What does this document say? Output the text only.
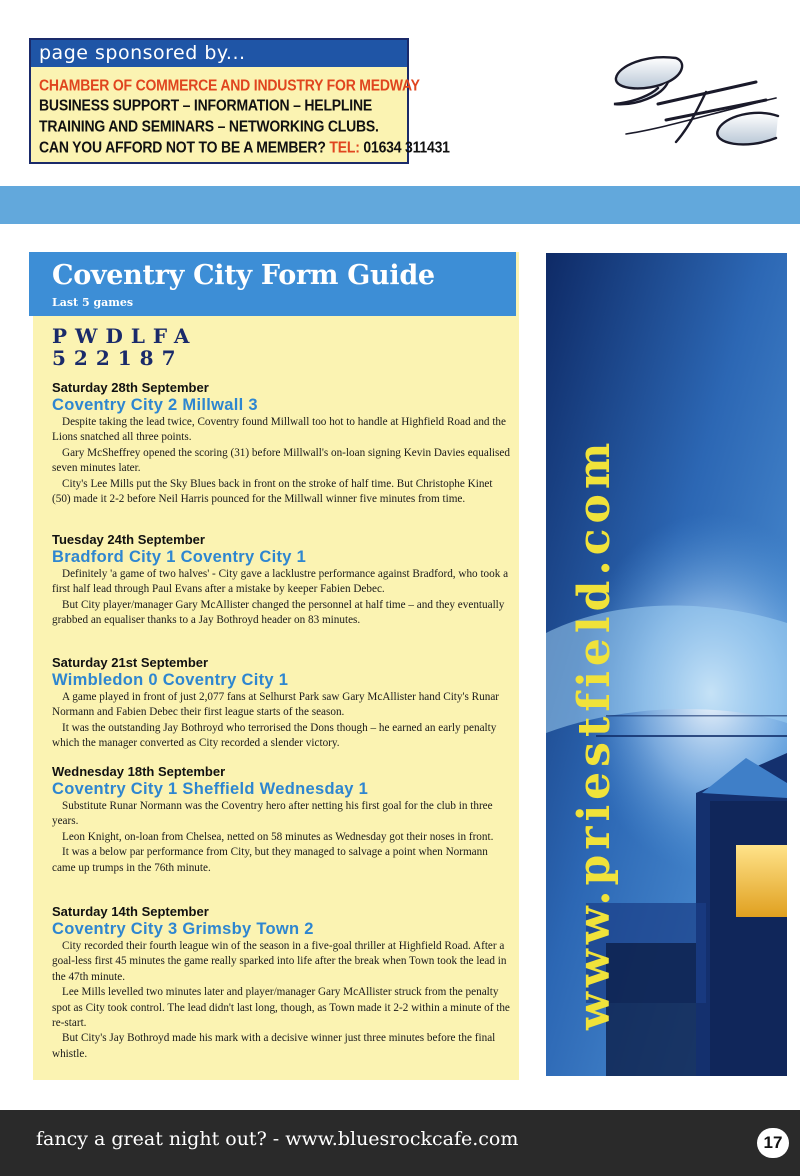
page sponsored by...
CHAMBER OF COMMERCE AND INDUSTRY FOR MEDWAY
BUSINESS SUPPORT – INFORMATION – HELPLINE
TRAINING AND SEMINARS – NETWORKING CLUBS.
CAN YOU AFFORD NOT TO BE A MEMBER? TEL: 01634 311431
Coventry City Form Guide
Last 5 games
PWDLFA
522187
Saturday 28th September
Coventry City 2 Millwall 3

Despite taking the lead twice, Coventry found Millwall too hot to handle at Highfield Road and the Lions snatched all three points.

Gary McSheffrey opened the scoring (31) before Millwall's on-loan signing Kevin Davies equalised seven minutes later.

City's Lee Mills put the Sky Blues back in front on the stroke of half time. But Christophe Kinet (50) made it 2-2 before Neil Harris pounced for the Millwall winner five minutes from time.

Tuesday 24th September
Bradford City 1 Coventry City 1

Definitely 'a game of two halves' - City gave a lacklustre performance against Bradford, who took a first half lead through Paul Evans after a mistake by keeper Fabien Debec.

But City player/manager Gary McAllister changed the personnel at half time – and they eventually grabbed an equaliser thanks to a Jay Bothroyd header on 83 minutes.

Saturday 21st September
Wimbledon 0 Coventry City 1

A game played in front of just 2,077 fans at Selhurst Park saw Gary McAllister hand City's Runar Normann and Fabien Debec their first league starts of the season.

It was the outstanding Jay Bothroyd who terrorised the Dons though – he earned an early penalty which the manager converted as City recorded a slender victory.

Wednesday 18th September
Coventry City 1 Sheffield Wednesday 1

Substitute Runar Normann was the Coventry hero after netting his first goal for the club in three years.

Leon Knight, on-loan from Chelsea, netted on 58 minutes as Wednesday got their noses in front.

It was a below par performance from City, but they managed to salvage a point when Normann came up trumps in the 76th minute.

Saturday 14th September
Coventry City 3 Grimsby Town 2

City recorded their fourth league win of the season in a five-goal thriller at Highfield Road. After a goal-less first 45 minutes the game really sparked into life after the break when Town took the lead in the 47th minute.

Lee Mills levelled two minutes later and player/manager Gary McAllister struck from the penalty spot as City took control. The lead didn't last long, though, as Town made it 2-2 within a minute of the re-start.

But City's Jay Bothroyd made his mark with a decisive winner just three minutes before the final whistle.

www.priestfield.com
fancy a great night out? - www.bluesrockcafe.com	17
